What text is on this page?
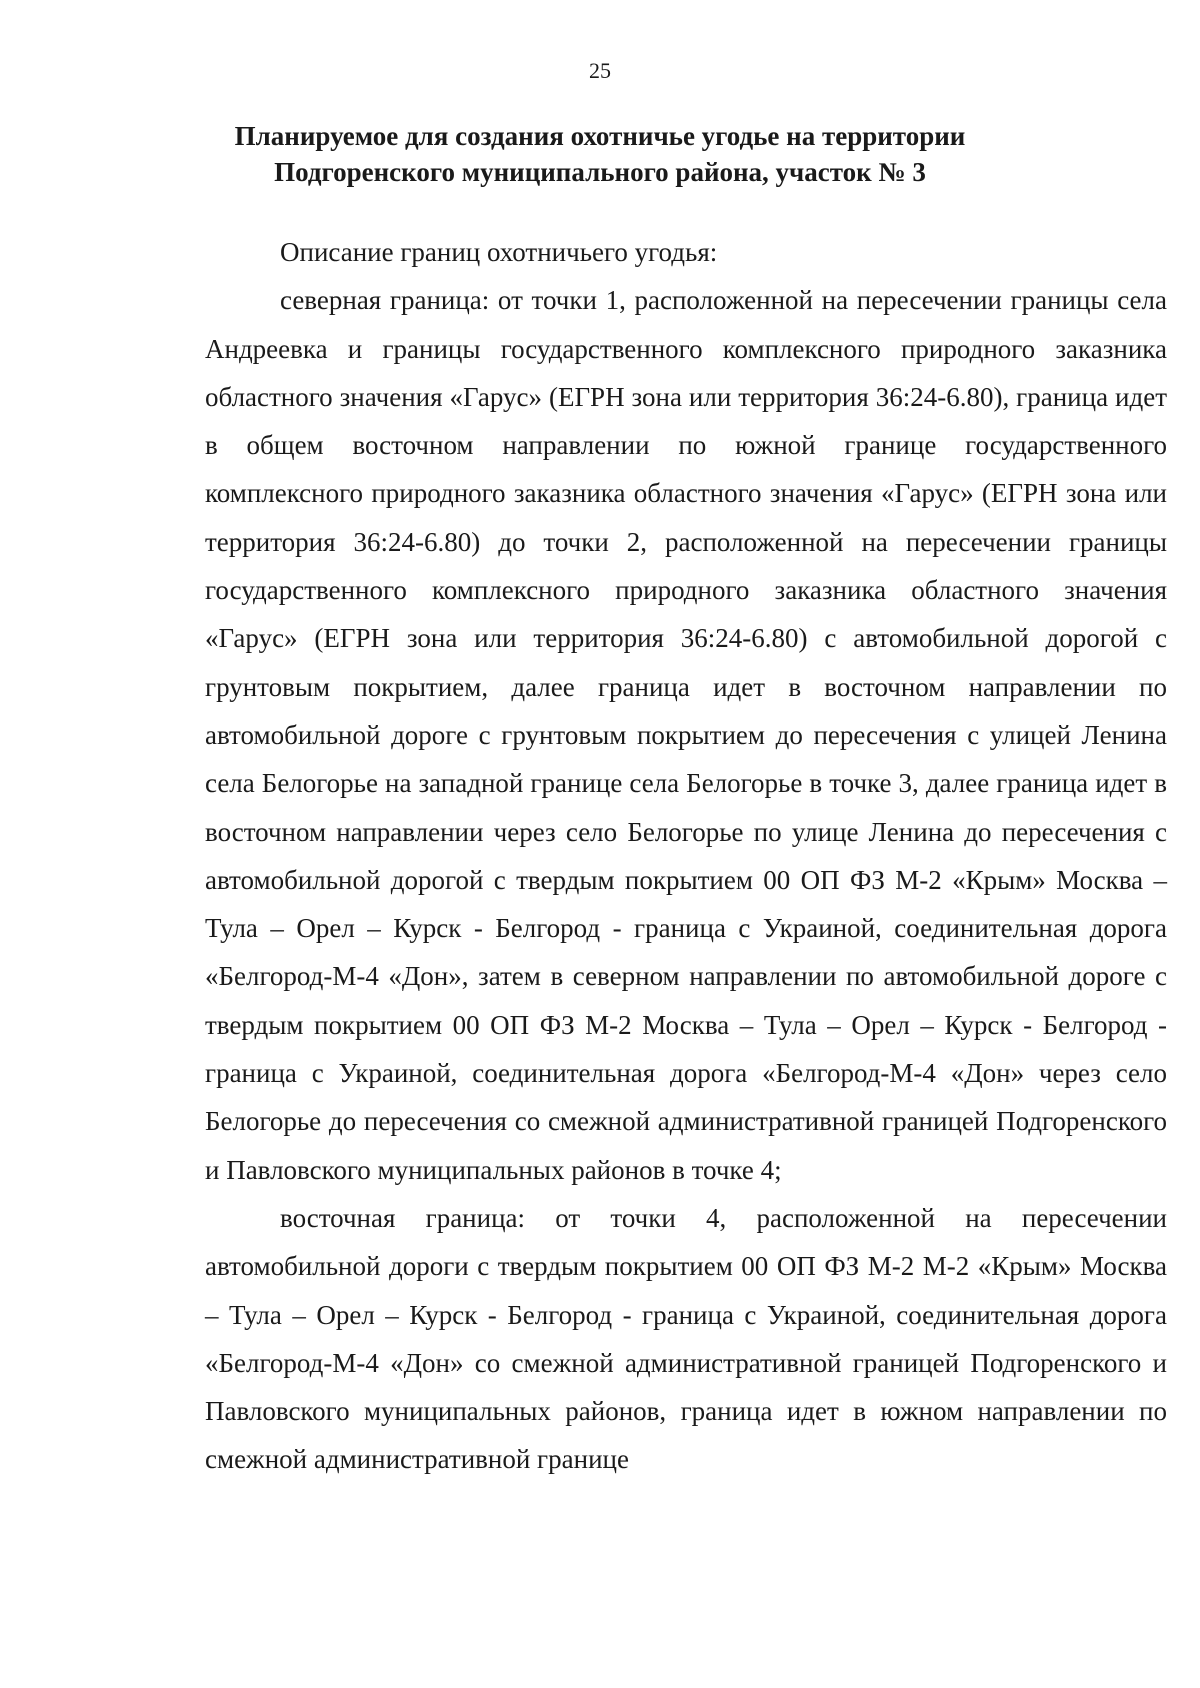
25
Планируемое для создания охотничье угодье на территории
Подгоренского муниципального района, участок № 3

Описание границ охотничьего угодья:

северная граница: от точки 1, расположенной на пересечении границы села Андреевка и границы государственного комплексного природного заказника областного значения «Гарус» (ЕГРН зона или территория 36:24-6.80), граница идет в общем восточном направлении по южной границе государственного комплексного природного заказника областного значения «Гарус» (ЕГРН зона или территория 36:24-6.80) до точки 2, расположенной на пересечении границы государственного комплексного природного заказника областного значения «Гарус» (ЕГРН зона или территория 36:24-6.80) с автомобильной дорогой с грунтовым покрытием, далее граница идет в восточном направлении по автомобильной дороге с грунтовым покрытием до пересечения с улицей Ленина села Белогорье на западной границе села Белогорье в точке 3, далее граница идет в восточном направлении через село Белогорье по улице Ленина до пересечения с автомобильной дорогой с твердым покрытием 00 ОП ФЗ М-2 «Крым» Москва – Тула – Орел – Курск - Белгород - граница с Украиной, соединительная дорога «Белгород-М-4 «Дон», затем в северном направлении по автомобильной дороге с твердым покрытием 00 ОП ФЗ М-2 Москва – Тула – Орел – Курск - Белгород - граница с Украиной, соединительная дорога «Белгород-М-4 «Дон» через село Белогорье до пересечения со смежной административной границей Подгоренского и Павловского муниципальных районов в точке 4;

восточная граница: от точки 4, расположенной на пересечении автомобильной дороги с твердым покрытием 00 ОП ФЗ М-2 М-2 «Крым» Москва – Тула – Орел – Курск - Белгород - граница с Украиной, соединительная дорога «Белгород-М-4 «Дон» со смежной административной границей Подгоренского и Павловского муниципальных районов, граница идет в южном направлении по смежной административной границе
